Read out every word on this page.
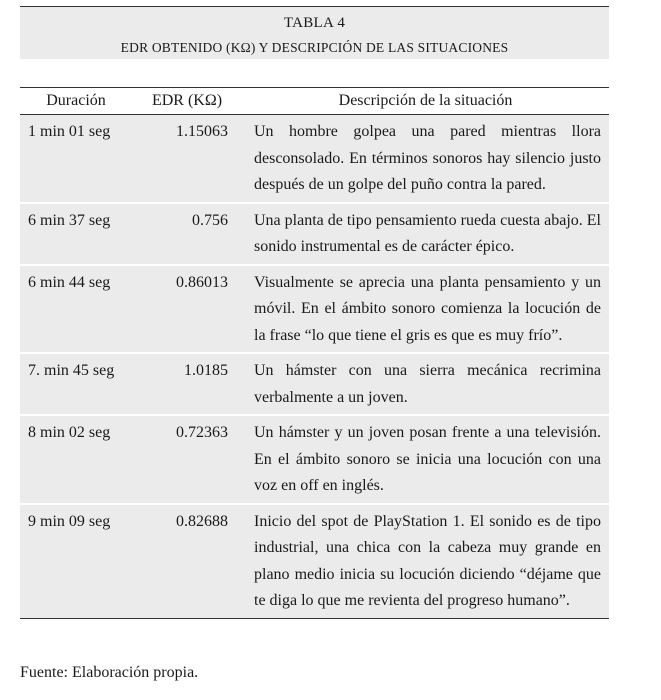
TABLA 4
EDR OBTENIDO (KΩ) Y DESCRIPCIÓN DE LAS SITUACIONES
Duración	EDR (KΩ)	Descripción de la situación
1 min 01 seg	1.15063	Un hombre golpea una pared mientras llora desconsolado. En términos sonoros hay silencio justo después de un golpe del puño contra la pared.
6 min 37 seg	0.756	Una planta de tipo pensamiento rueda cuesta abajo. El sonido instrumental es de carácter épico.
6 min 44 seg	0.86013	Visualmente se aprecia una planta pensamiento y un móvil. En el ámbito sonoro comienza la locución de la frase “lo que tiene el gris es que es muy frío”.
7. min 45 seg	1.0185	Un hámster con una sierra mecánica recrimina verbalmente a un joven.
8 min 02 seg	0.72363	Un hámster y un joven posan frente a una televisión. En el ámbito sonoro se inicia una locución con una voz en off en inglés.
9 min 09 seg	0.82688	Inicio del spot de PlayStation 1. El sonido es de tipo industrial, una chica con la cabeza muy grande en plano medio inicia su locución diciendo “déjame que te diga lo que me revienta del progreso humano”.
Fuente: Elaboración propia.
